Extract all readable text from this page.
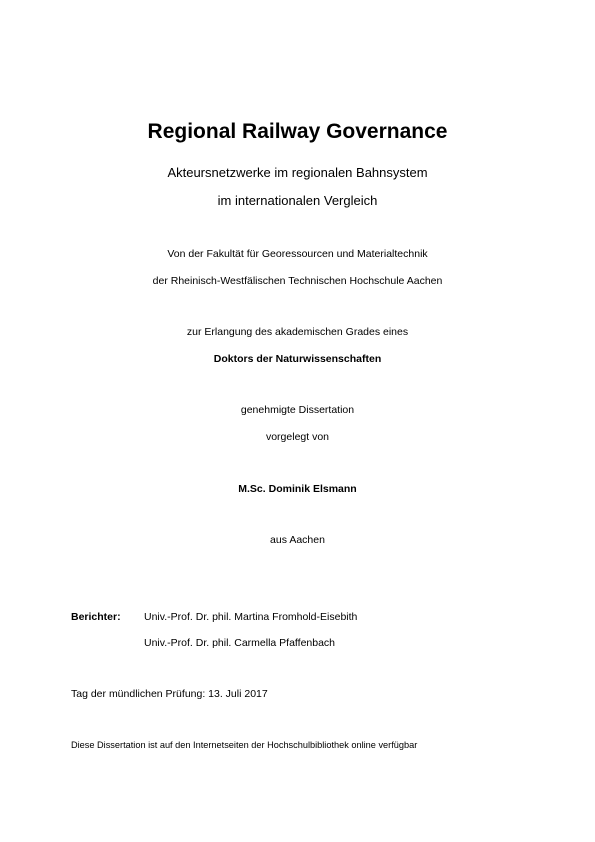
Regional Railway Governance
Akteursnetzwerke im regionalen Bahnsystem
im internationalen Vergleich
Von der Fakultät für Georessourcen und Materialtechnik
der Rheinisch-Westfälischen Technischen Hochschule Aachen
zur Erlangung des akademischen Grades eines
Doktors der Naturwissenschaften
genehmigte Dissertation
vorgelegt von
M.Sc. Dominik Elsmann
aus Aachen
Berichter: Univ.-Prof. Dr. phil. Martina Fromhold-Eisebith
Univ.-Prof. Dr. phil. Carmella Pfaffenbach
Tag der mündlichen Prüfung: 13. Juli 2017
Diese Dissertation ist auf den Internetseiten der Hochschulbibliothek online verfügbar
